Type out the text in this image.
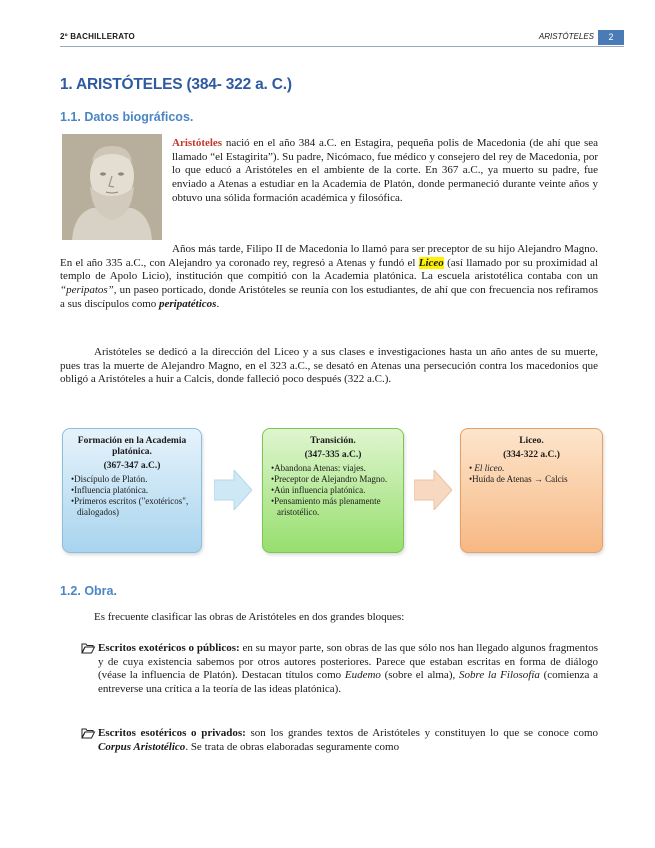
2º BACHILLERATO	ARISTÓTELES	2
1. ARISTÓTELES (384- 322 a. C.)
1.1. Datos biográficos.

Aristóteles nació en el año 384 a.C. en Estagira, pequeña polis de Macedonia (de ahí que sea llamado “el Estagirita”). Su padre, Nicómaco, fue médico y consejero del rey de Macedonia, por lo que educó a Aristóteles en el ambiente de la corte. En 367 a.C., ya muerto su padre, fue enviado a Atenas a estudiar en la Academia de Platón, donde permaneció durante veinte años y obtuvo una sólida formación académica y filosófica.

Años más tarde, Filipo II de Macedonia lo llamó para ser preceptor de su hijo Alejandro Magno. En el año 335 a.C., con Alejandro ya coronado rey, regresó a Atenas y fundó el Liceo (así llamado por su proximidad al templo de Apolo Licio), institución que compitió con la Academia platónica. La escuela aristotélica contaba con un “peripatos”, un paseo porticado, donde Aristóteles se reunía con los estudiantes, de ahí que con frecuencia nos refiramos a sus discípulos como peripatéticos.

Aristóteles se dedicó a la dirección del Liceo y a sus clases e investigaciones hasta un año antes de su muerte, pues tras la muerte de Alejandro Magno, en el 323 a.C., se desató en Atenas una persecución contra los macedonios que obligó a Aristóteles a huir a Calcis, donde falleció poco después (322 a.C.).

Formación en la Academia platónica.
(367-347 a.C.)
•Discípulo de Platón.
•Influencia platónica.
•Primeros escritos ("exotéricos", dialogados)
Transición.
(347-335 a.C.)
•Abandona Atenas: viajes.
•Preceptor de Alejandro Magno.
•Aún influencia platónica.
•Pensamiento más plenamente aristotélico.
Liceo.
(334-322 a.C.)
• El liceo.
•Huída de Atenas → Calcis
1.2. Obra.

Es frecuente clasificar las obras de Aristóteles en dos grandes bloques:

Escritos exotéricos o públicos: en su mayor parte, son obras de las que sólo nos han llegado algunos fragmentos y de cuya existencia sabemos por otros autores posteriores. Parece que estaban escritas en forma de diálogo (véase la influencia de Platón). Destacan títulos como Eudemo (sobre el alma), Sobre la Filosofía (comienza a entreverse una crítica a la teoría de las ideas platónica).
Escritos esotéricos o privados: son los grandes textos de Aristóteles y constituyen lo que se conoce como Corpus Aristotélico. Se trata de obras elaboradas seguramente como
